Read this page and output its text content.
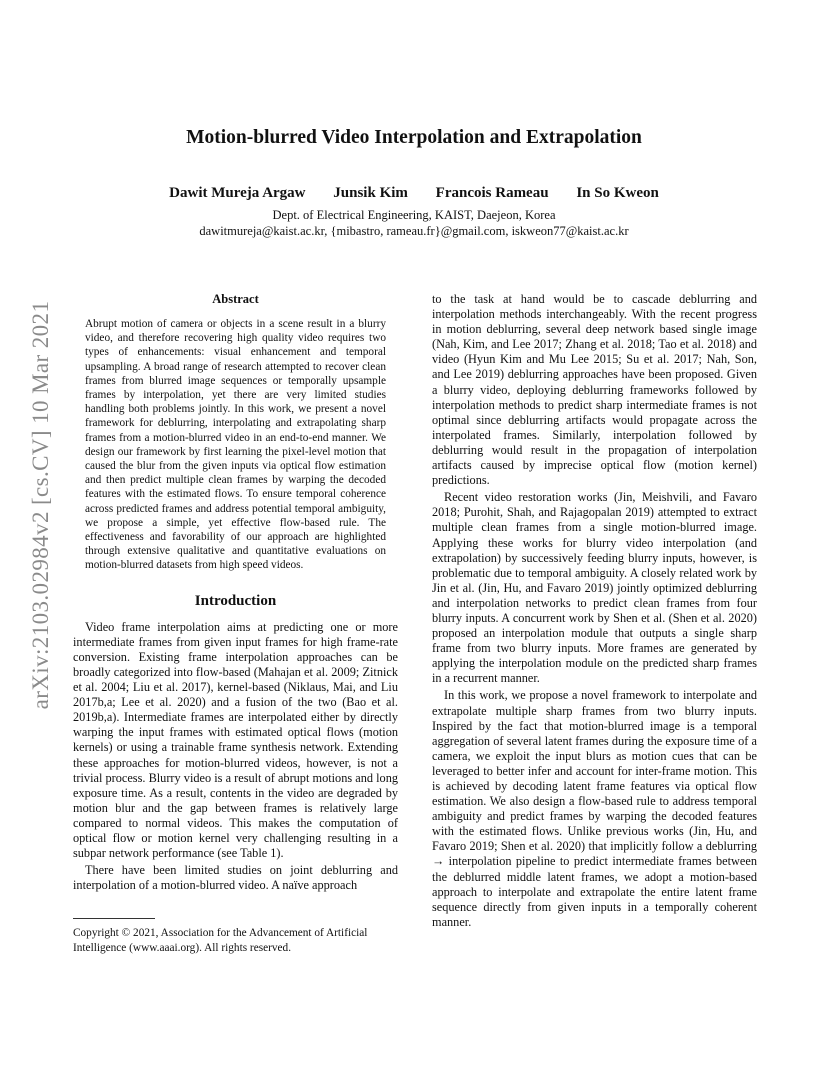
arXiv:2103.02984v2 [cs.CV] 10 Mar 2021
Motion-blurred Video Interpolation and Extrapolation
Dawit Mureja Argaw Junsik Kim Francois Rameau In So Kweon
Dept. of Electrical Engineering, KAIST, Daejeon, Korea
dawitmureja@kaist.ac.kr, {mibastro, rameau.fr}@gmail.com, iskweon77@kaist.ac.kr
Abstract

Abrupt motion of camera or objects in a scene result in a blurry video, and therefore recovering high quality video requires two types of enhancements: visual enhancement and temporal upsampling. A broad range of research attempted to recover clean frames from blurred image sequences or temporally upsample frames by interpolation, yet there are very limited studies handling both problems jointly. In this work, we present a novel framework for deblurring, interpolating and extrapolating sharp frames from a motion-blurred video in an end-to-end manner. We design our framework by first learning the pixel-level motion that caused the blur from the given inputs via optical flow estimation and then predict multiple clean frames by warping the decoded features with the estimated flows. To ensure temporal coherence across predicted frames and address potential temporal ambiguity, we propose a simple, yet effective flow-based rule. The effectiveness and favorability of our approach are highlighted through extensive qualitative and quantitative evaluations on motion-blurred datasets from high speed videos.

Introduction

Video frame interpolation aims at predicting one or more intermediate frames from given input frames for high frame-rate conversion. Existing frame interpolation approaches can be broadly categorized into flow-based (Mahajan et al. 2009; Zitnick et al. 2004; Liu et al. 2017), kernel-based (Niklaus, Mai, and Liu 2017b,a; Lee et al. 2020) and a fusion of the two (Bao et al. 2019b,a). Intermediate frames are interpolated either by directly warping the input frames with estimated optical flows (motion kernels) or using a trainable frame synthesis network. Extending these approaches for motion-blurred videos, however, is not a trivial process. Blurry video is a result of abrupt motions and long exposure time. As a result, contents in the video are degraded by motion blur and the gap between frames is relatively large compared to normal videos. This makes the computation of optical flow or motion kernel very challenging resulting in a subpar network performance (see Table 1).

There have been limited studies on joint deblurring and interpolation of a motion-blurred video. A naïve approach

to the task at hand would be to cascade deblurring and interpolation methods interchangeably. With the recent progress in motion deblurring, several deep network based single image (Nah, Kim, and Lee 2017; Zhang et al. 2018; Tao et al. 2018) and video (Hyun Kim and Mu Lee 2015; Su et al. 2017; Nah, Son, and Lee 2019) deblurring approaches have been proposed. Given a blurry video, deploying deblurring frameworks followed by interpolation methods to predict sharp intermediate frames is not optimal since deblurring artifacts would propagate across the interpolated frames. Similarly, interpolation followed by deblurring would result in the propagation of interpolation artifacts caused by imprecise optical flow (motion kernel) predictions.

Recent video restoration works (Jin, Meishvili, and Favaro 2018; Purohit, Shah, and Rajagopalan 2019) attempted to extract multiple clean frames from a single motion-blurred image. Applying these works for blurry video interpolation (and extrapolation) by successively feeding blurry inputs, however, is problematic due to temporal ambiguity. A closely related work by Jin et al. (Jin, Hu, and Favaro 2019) jointly optimized deblurring and interpolation networks to predict clean frames from four blurry inputs. A concurrent work by Shen et al. (Shen et al. 2020) proposed an interpolation module that outputs a single sharp frame from two blurry inputs. More frames are generated by applying the interpolation module on the predicted sharp frames in a recurrent manner.

In this work, we propose a novel framework to interpolate and extrapolate multiple sharp frames from two blurry inputs. Inspired by the fact that motion-blurred image is a temporal aggregation of several latent frames during the exposure time of a camera, we exploit the input blurs as motion cues that can be leveraged to better infer and account for inter-frame motion. This is achieved by decoding latent frame features via optical flow estimation. We also design a flow-based rule to address temporal ambiguity and predict frames by warping the decoded features with the estimated flows. Unlike previous works (Jin, Hu, and Favaro 2019; Shen et al. 2020) that implicitly follow a deblurring → interpolation pipeline to predict intermediate frames between the deblurred middle latent frames, we adopt a motion-based approach to interpolate and extrapolate the entire latent frame sequence directly from given inputs in a temporally coherent manner.

Copyright © 2021, Association for the Advancement of Artificial Intelligence (www.aaai.org). All rights reserved.
